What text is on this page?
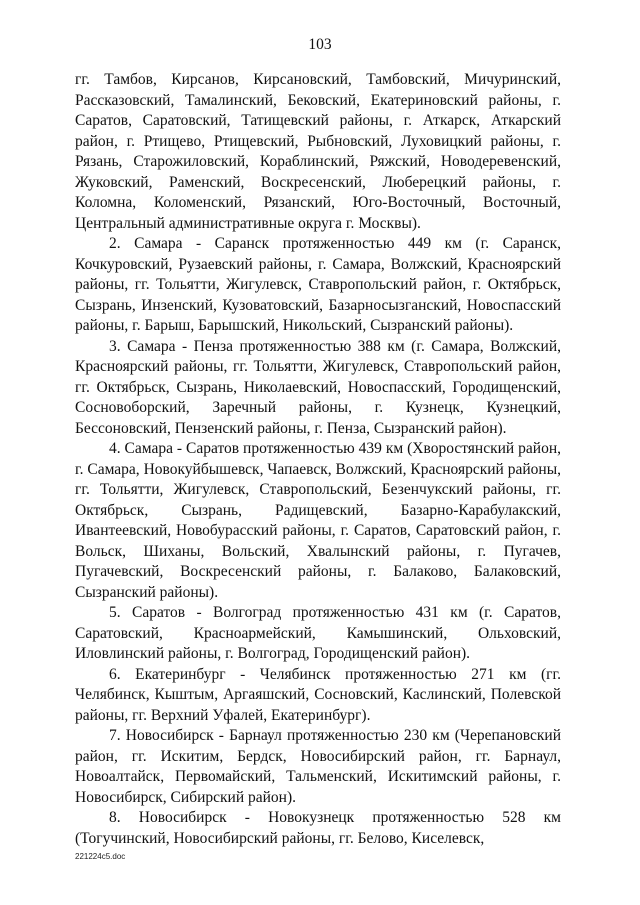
103

гг. Тамбов, Кирсанов, Кирсановский, Тамбовский, Мичуринский, Рассказовский, Тамалинский, Бековский, Екатериновский районы, г. Саратов, Саратовский, Татищевский районы, г. Аткарск, Аткарский район, г. Ртищево, Ртищевский, Рыбновский, Луховицкий районы, г. Рязань, Старожиловский, Кораблинский, Ряжский, Новодеревенский, Жуковский, Раменский, Воскресенский, Люберецкий районы, г. Коломна, Коломенский, Рязанский, Юго-Восточный, Восточный, Центральный административные округа г. Москвы).

2. Самара - Саранск протяженностью 449 км (г. Саранск, Кочкуровский, Рузаевский районы, г. Самара, Волжский, Красноярский районы, гг. Тольятти, Жигулевск, Ставропольский район, г. Октябрьск, Сызрань, Инзенский, Кузоватовский, Базарносызганский, Новоспасский районы, г. Барыш, Барышский, Никольский, Сызранский районы).

3. Самара - Пенза протяженностью 388 км (г. Самара, Волжский, Красноярский районы, гг. Тольятти, Жигулевск, Ставропольский район, гг. Октябрьск, Сызрань, Николаевский, Новоспасский, Городищенский, Сосновоборский, Заречный районы, г. Кузнецк, Кузнецкий, Бессоновский, Пензенский районы, г. Пенза, Сызранский район).

4. Самара - Саратов протяженностью 439 км (Хворостянский район, г. Самара, Новокуйбышевск, Чапаевск, Волжский, Красноярский районы, гг. Тольятти, Жигулевск, Ставропольский, Безенчукский районы, гг. Октябрьск, Сызрань, Радищевский, Базарно-Карабулакский, Ивантеевский, Новобурасский районы, г. Саратов, Саратовский район, г. Вольск, Шиханы, Вольский, Хвалынский районы, г. Пугачев, Пугачевский, Воскресенский районы, г. Балаково, Балаковский, Сызранский районы).

5. Саратов - Волгоград протяженностью 431 км (г. Саратов, Саратовский, Красноармейский, Камышинский, Ольховский, Иловлинский районы, г. Волгоград, Городищенский район).

6. Екатеринбург - Челябинск протяженностью 271 км (гг. Челябинск, Кыштым, Аргаяшский, Сосновский, Каслинский, Полевской районы, гг. Верхний Уфалей, Екатеринбург).

7. Новосибирск - Барнаул протяженностью 230 км (Черепановский район, гг. Искитим, Бердск, Новосибирский район, гг. Барнаул, Новоалтайск, Первомайский, Тальменский, Искитимский районы, г. Новосибирск, Сибирский район).

8. Новосибирск - Новокузнецк протяженностью 528 км (Тогучинский, Новосибирский районы, гг. Белово, Киселевск,

221224c5.doc
